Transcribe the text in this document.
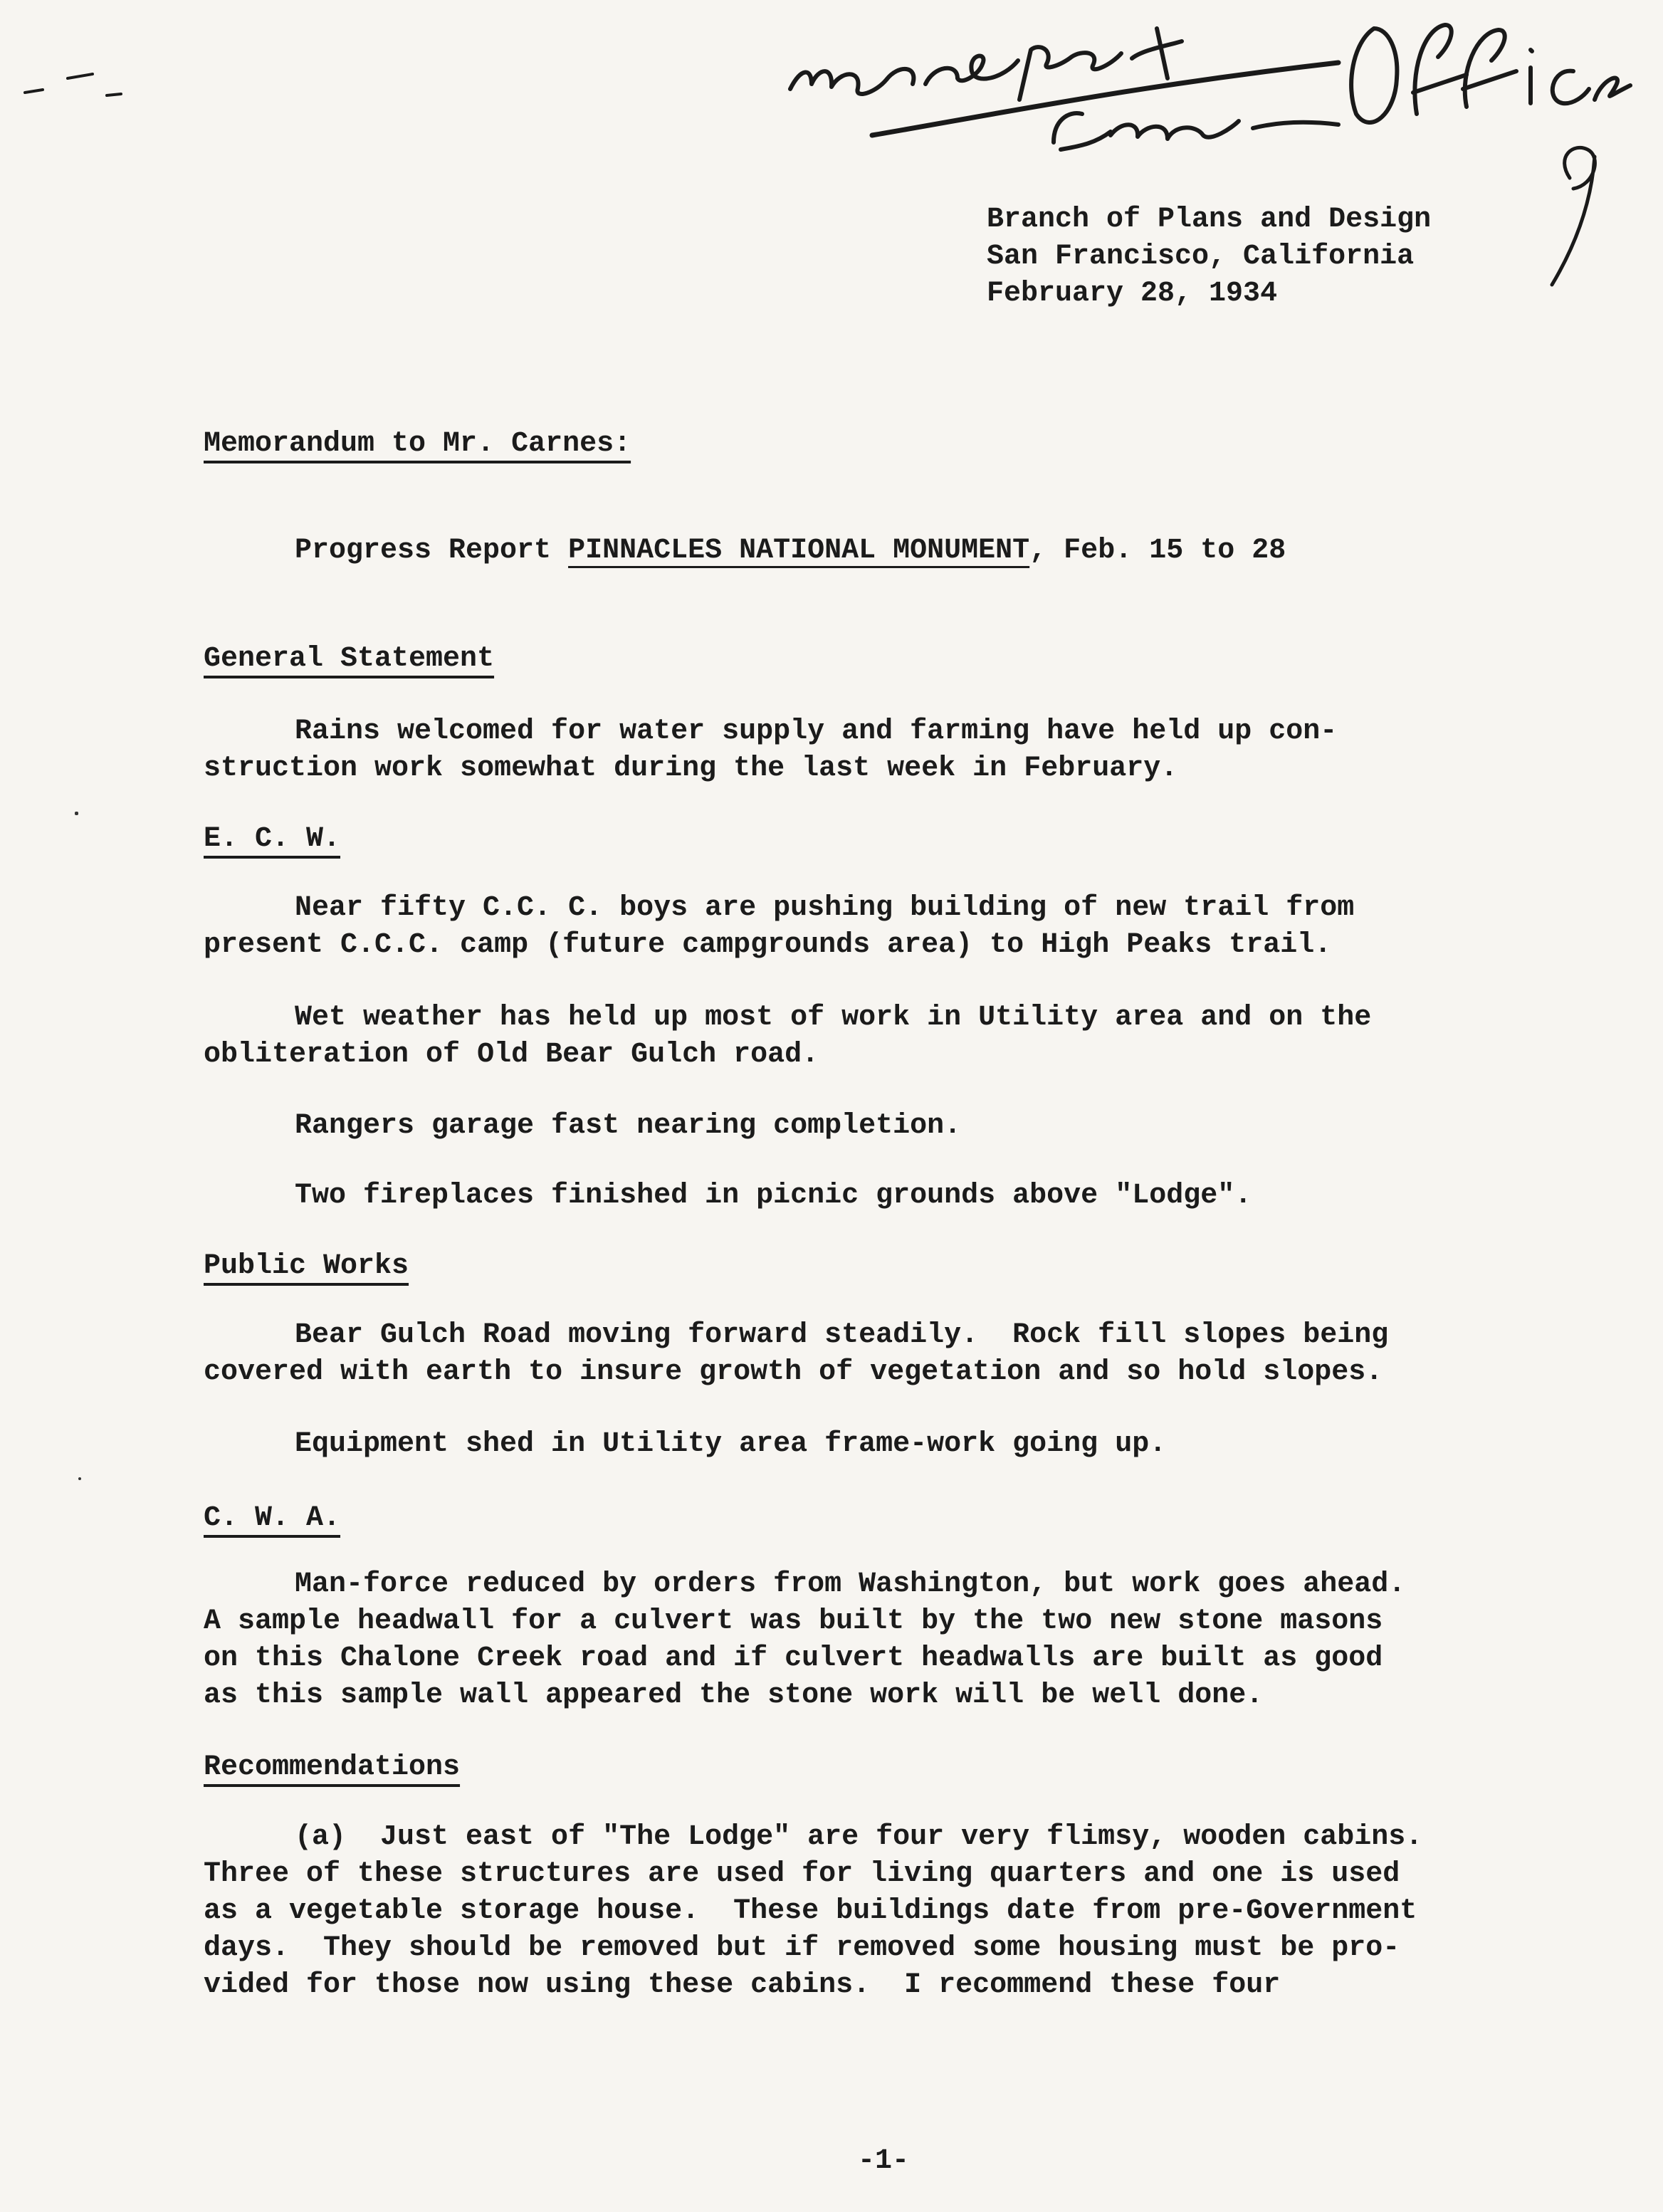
Branch of Plans and Design
San Francisco, California
February 28, 1934
Memorandum to Mr. Carnes:
Progress Report PINNACLES NATIONAL MONUMENT, Feb. 15 to 28
General Statement
Rains welcomed for water supply and farming have held up con-
struction work somewhat during the last week in February.
E. C. W.
Near fifty C.C. C. boys are pushing building of new trail from
present C.C.C. camp (future campgrounds area) to High Peaks trail.
Wet weather has held up most of work in Utility area and on the
obliteration of Old Bear Gulch road.
Rangers garage fast nearing completion.
Two fireplaces finished in picnic grounds above "Lodge".
Public Works
Bear Gulch Road moving forward steadily.  Rock fill slopes being
covered with earth to insure growth of vegetation and so hold slopes.
Equipment shed in Utility area frame-work going up.
C. W. A.
Man-force reduced by orders from Washington, but work goes ahead.
A sample headwall for a culvert was built by the two new stone masons
on this Chalone Creek road and if culvert headwalls are built as good
as this sample wall appeared the stone work will be well done.
Recommendations
(a)  Just east of "The Lodge" are four very flimsy, wooden cabins.
Three of these structures are used for living quarters and one is used
as a vegetable storage house.  These buildings date from pre-Government
days.  They should be removed but if removed some housing must be pro-
vided for those now using these cabins.  I recommend these four
-1-
